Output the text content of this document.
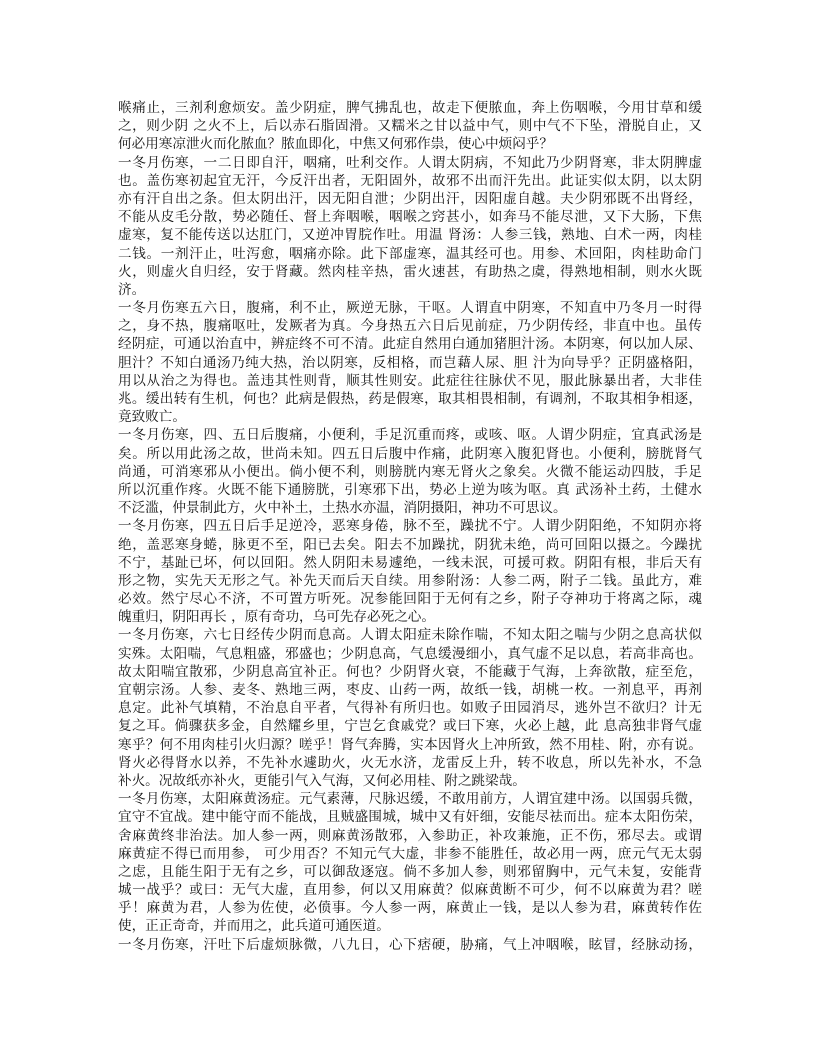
喉痛止，三剂利愈烦安。盖少阴症，脾气拂乱也，故走下便脓血，奔上伤咽喉，今用甘草和缓
之，则少阴 之火不上，后以赤石脂固滑。又糯米之甘以益中气，则中气不下坠，滑脱自止，又
何必用寒凉泄火而化脓血？脓血即化，中焦又何邪作祟，使心中烦闷乎？
一冬月伤寒，一二日即自汗，咽痛，吐利交作。人谓太阴病，不知此乃少阴肾寒，非太阴脾虚
也。盖伤寒初起宜无汗，今反汗出者，无阳固外，故邪不出而汗先出。此证实似太阴，以太阴
亦有汗自出之条。但太阴出汗，因无阳自泄；少阴出汗，因阳虚自越。夫少阴邪既不出肾经，
不能从皮毛分散，势必随任、督上奔咽喉，咽喉之窍甚小，如奔马不能尽泄，又下大肠，下焦
虚寒，复不能传送以达肛门，又逆冲胃脘作吐。用温 肾汤：人参三钱，熟地、白术一两，肉桂
二钱。一剂汗止，吐泻愈，咽痛亦除。此下部虚寒，温其经可也。用参、术回阳，肉桂助命门
火，则虚火自归经，安于肾藏。然肉桂辛热，雷火速甚，有助热之虞，得熟地相制，则水火既
济。
一冬月伤寒五六日，腹痛，利不止，厥逆无脉，干呕。人谓直中阴寒，不知直中乃冬月一时得
之，身不热，腹痛呕吐，发厥者为真。今身热五六日后见前症，乃少阴传经，非直中也。虽传
经阴症，可通以治直中，辨症终不可不清。此症自然用白通加猪胆汁汤。本阴寒，何以加人尿、
胆汁？不知白通汤乃纯大热，治以阴寒，反相格，而岂藉人尿、胆 汁为向导乎？正阴盛格阳，
用以从治之为得也。盖违其性则背，顺其性则安。此症往往脉伏不见，服此脉暴出者，大非佳
兆。缓出转有生机，何也？此病是假热，药是假寒，取其相畏相制，有调剂，不取其相争相逐，
竟致败亡。
一冬月伤寒，四、五日后腹痛，小便利，手足沉重而疼，或咳、呕。人谓少阴症，宜真武汤是
矣。所以用此汤之故，世尚未知。四五日后腹中作痛，此阴寒入腹犯肾也。小便利，膀胱肾气
尚通，可消寒邪从小便出。倘小便不利，则膀胱内寒无肾火之象矣。火微不能运动四肢，手足
所以沉重作疼。火既不能下通膀胱，引寒邪下出，势必上逆为咳为呕。真 武汤补土药，土健水
不泛滥，仲景制此方，火中补土，土热水亦温，消阴摄阳，神功不可思议。
一冬月伤寒，四五日后手足逆冷，恶寒身倦，脉不至，躁扰不宁。人谓少阴阳绝，不知阴亦将
绝，盖恶寒身蜷，脉更不至，阳已去矣。阳去不加躁扰，阴犹未绝，尚可回阳以摄之。今躁扰
不宁，基趾已坏，何以回阳。然人阴阳未易遽绝，一线未泯，可援可救。阴阳有根，非后天有
形之物，实先天无形之气。补先天而后天自续。用参附汤：人参二两，附子二钱。虽此方，难
必效。然宁尽心不济，不可置方听死。况参能回阳于无何有之乡，附子夺神功于将离之际，魂
魄重归，阴阳再长 ，原有奇功，乌可先存必死之心。
一冬月伤寒，六七日经传少阴而息高。人谓太阳症未除作喘，不知太阳之喘与少阴之息高状似
实殊。太阳喘，气息粗盛，邪盛也；少阴息高，气息缓漫细小，真气虚不足以息，若高非高也。
故太阳喘宜散邪，少阴息高宜补正。何也？少阴肾火衰，不能藏于气海，上奔欲散，症至危，
宜朝宗汤。人参、麦冬、熟地三两，枣皮、山药一两，故纸一钱，胡桃一枚。一剂息平，再剂
息定。此补气填精，不治息自平者，气得补有所归也。如败子田园消尽，逃外岂不欲归？计无
复之耳。倘骤获多金，自然耀乡里，宁岂乞食戚党？或曰下寒，火必上越，此 息高独非肾气虚
寒乎？何不用肉桂引火归源？嗟乎！肾气奔腾，实本因肾火上冲所致，然不用桂、附，亦有说。
肾火必得肾水以养，不先补水遽助火，火无水济，龙雷反上升，转不收息，所以先补水，不急
补火。况故纸亦补火，更能引气入气海，又何必用桂、附之跳梁哉。
一冬月伤寒，太阳麻黄汤症。元气素薄，尺脉迟缓，不敢用前方，人谓宜建中汤。以国弱兵微，
宜守不宜战。建中能守而不能战，且贼盛围城，城中又有奸细，安能尽祛而出。症本太阳伤荣，
舍麻黄终非治法。加人参一两，则麻黄汤散邪，入参助正，补攻兼施，正不伤，邪尽去。或谓
麻黄症不得已而用参， 可少用否？不知元气大虚，非参不能胜任，故必用一两，庶元气无太弱
之虑，且能生阳于无有之乡，可以御敌逐寇。倘不多加人参，则邪留胸中，元气未复，安能背
城一战乎？或曰：无气大虚，直用参，何以又用麻黄？似麻黄断不可少，何不以麻黄为君？嗟
乎！麻黄为君，人参为佐使，必偾事。今人参一两，麻黄止一钱，是以人参为君，麻黄转作佐
使，正正奇奇，并而用之，此兵道可通医道。
一冬月伤寒，汗吐下后虚烦脉微，八九日，心下痞硬，胁痛，气上冲咽喉，眩冒，经脉动扬，
